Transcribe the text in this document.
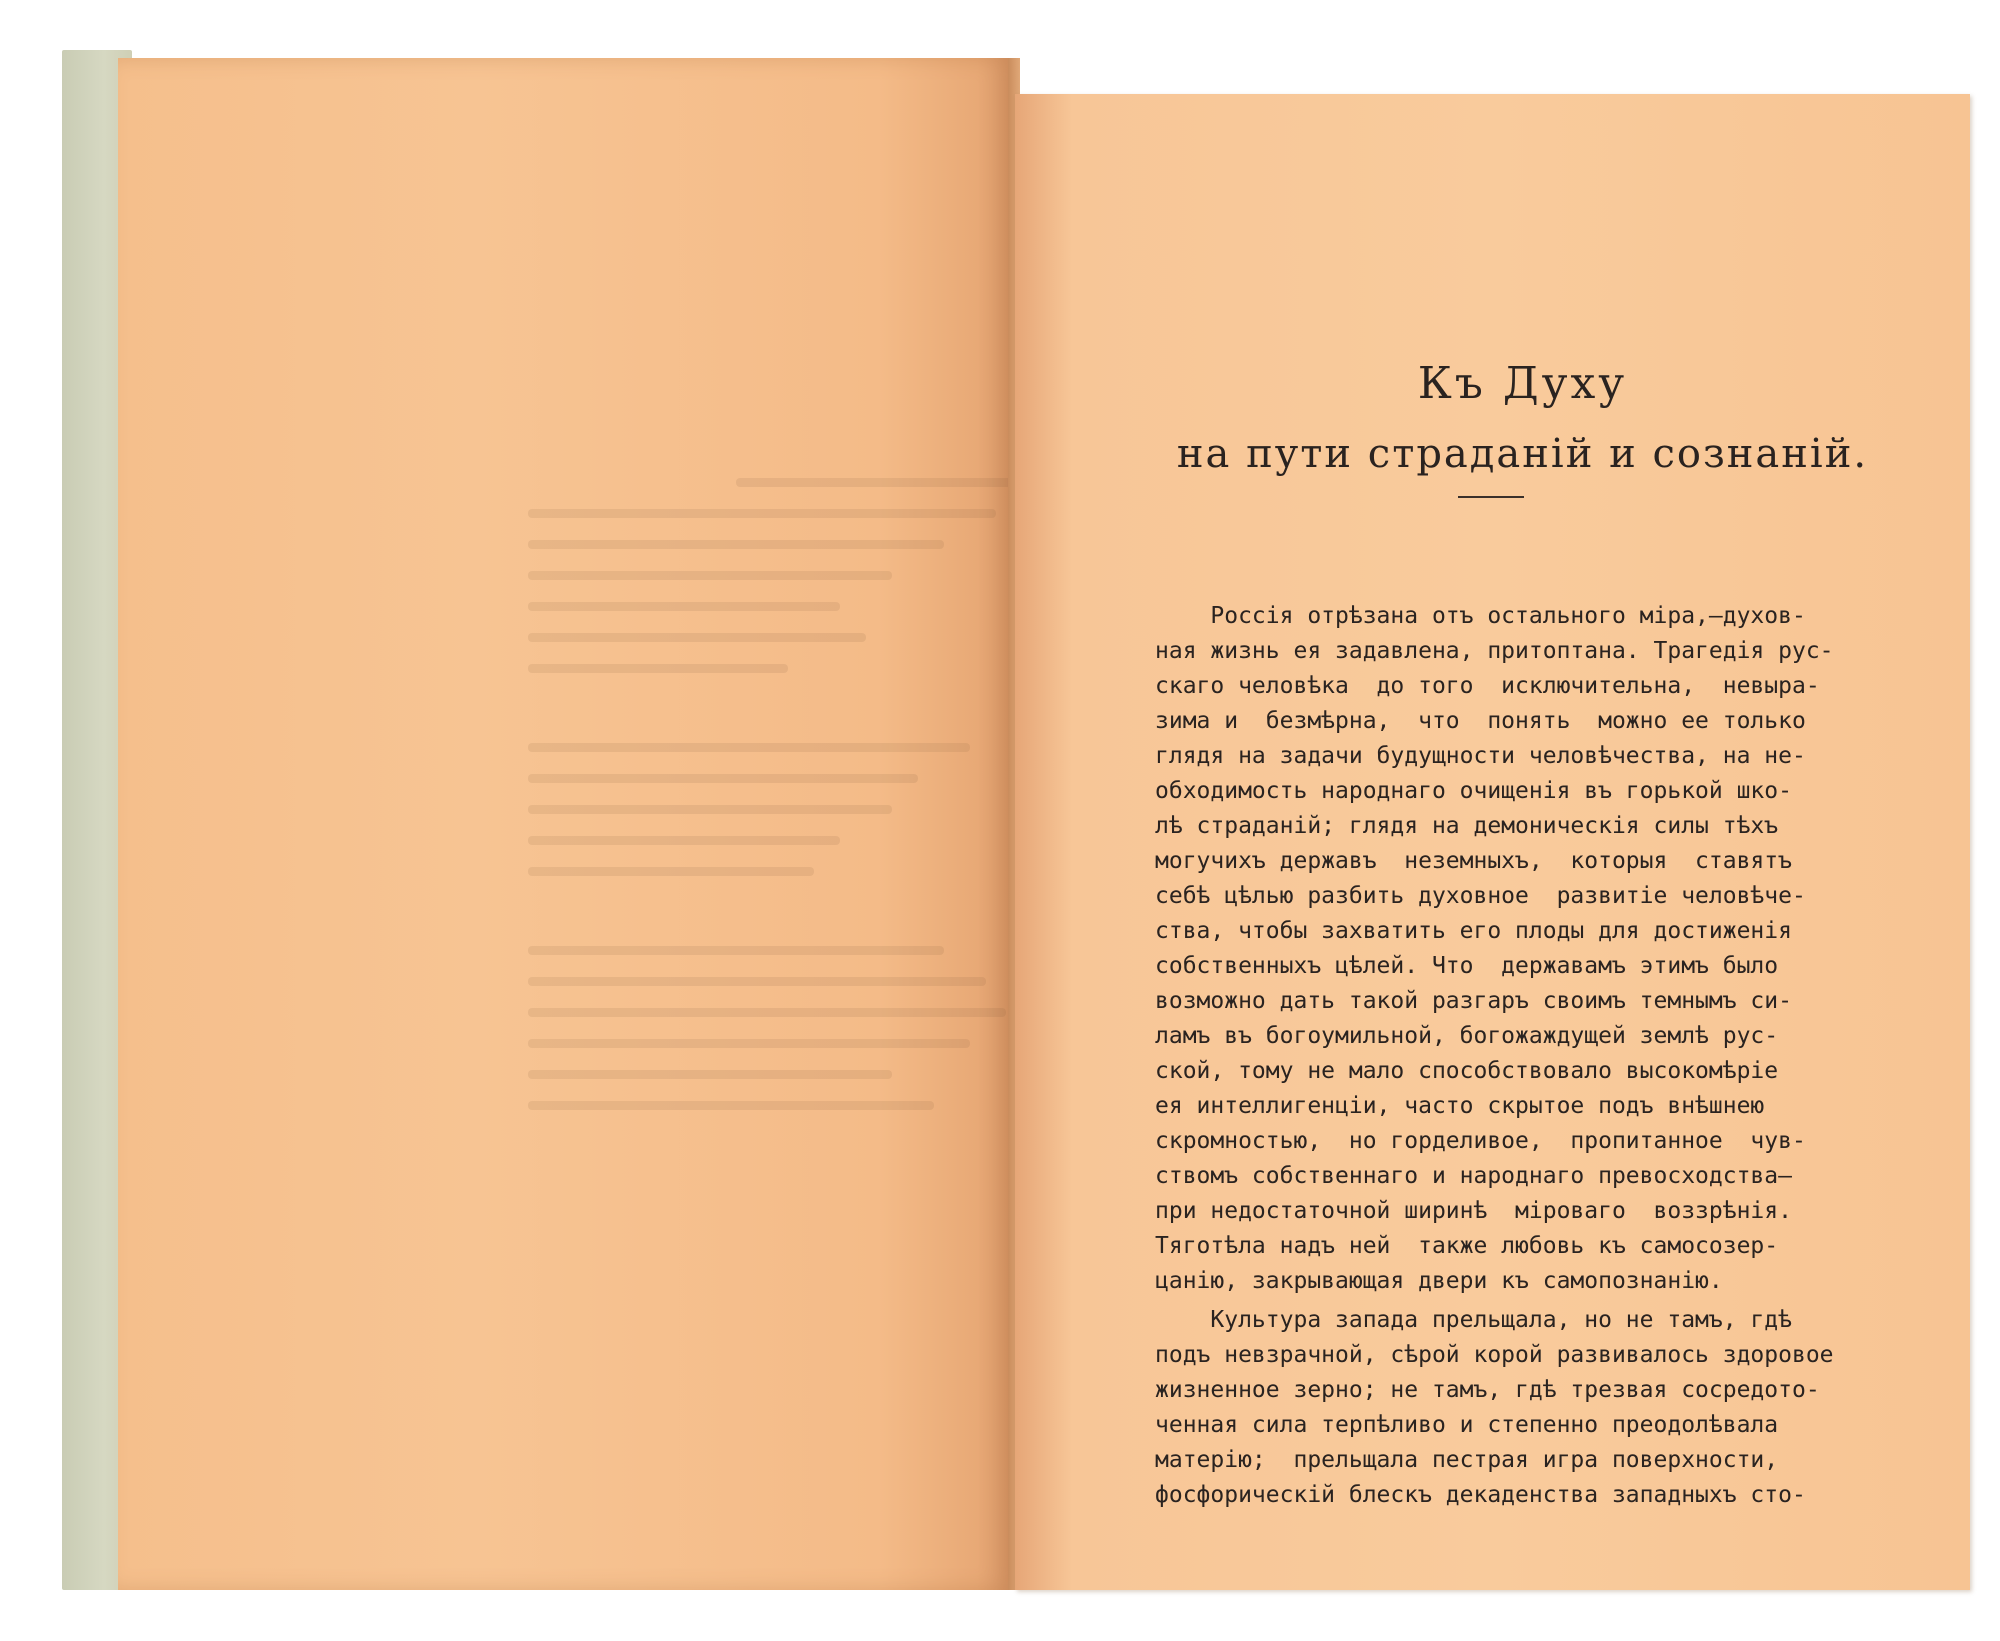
Къ Духу
на пути страданій и сознаній.
Россія отрѣзана отъ остального міра,—духов-
ная жизнь ея задавлена, притоптана. Трагедія рус-
скаго человѣка  до того  исключительна,  невыра-
зима и  безмѣрна,  что  понять  можно ее только
глядя на задачи будущности человѣчества, на не-
обходимость народнаго очищенія въ горькой шко-
лѣ страданій; глядя на демоническія силы тѣхъ
могучихъ державъ  неземныхъ,  которыя  ставятъ
себѣ цѣлью разбить духовное  развитіе человѣче-
ства, чтобы захватить его плоды для достиженія
собственныхъ цѣлей. Что  державамъ этимъ было
возможно дать такой разгаръ своимъ темнымъ си-
ламъ въ богоумильной, богожаждущей землѣ рус-
ской, тому не мало способствовало высокомѣріе
ея интеллигенціи, часто скрытое подъ внѣшнею
скромностью,  но гордeливое,  пропитанное  чув-
ствомъ собственнаго и народнаго превосходства—
при недостаточной ширинѣ  міроваго  воззрѣнія.
Тяготѣла надъ ней  также любовь къ самосозер-
цанію, закрывающая двери къ самопознанію.
Культура запада прельщала, но не тамъ, гдѣ
подъ невзрачной, сѣрой корой развивалось здоровое
жизненное зерно; не тамъ, гдѣ трезвая сосредото-
ченная сила терпѣливо и степенно преодолѣвала
матерію;  прельщала пестрая игра поверхности,
фосфорическій блескъ декаденства западныхъ сто-
